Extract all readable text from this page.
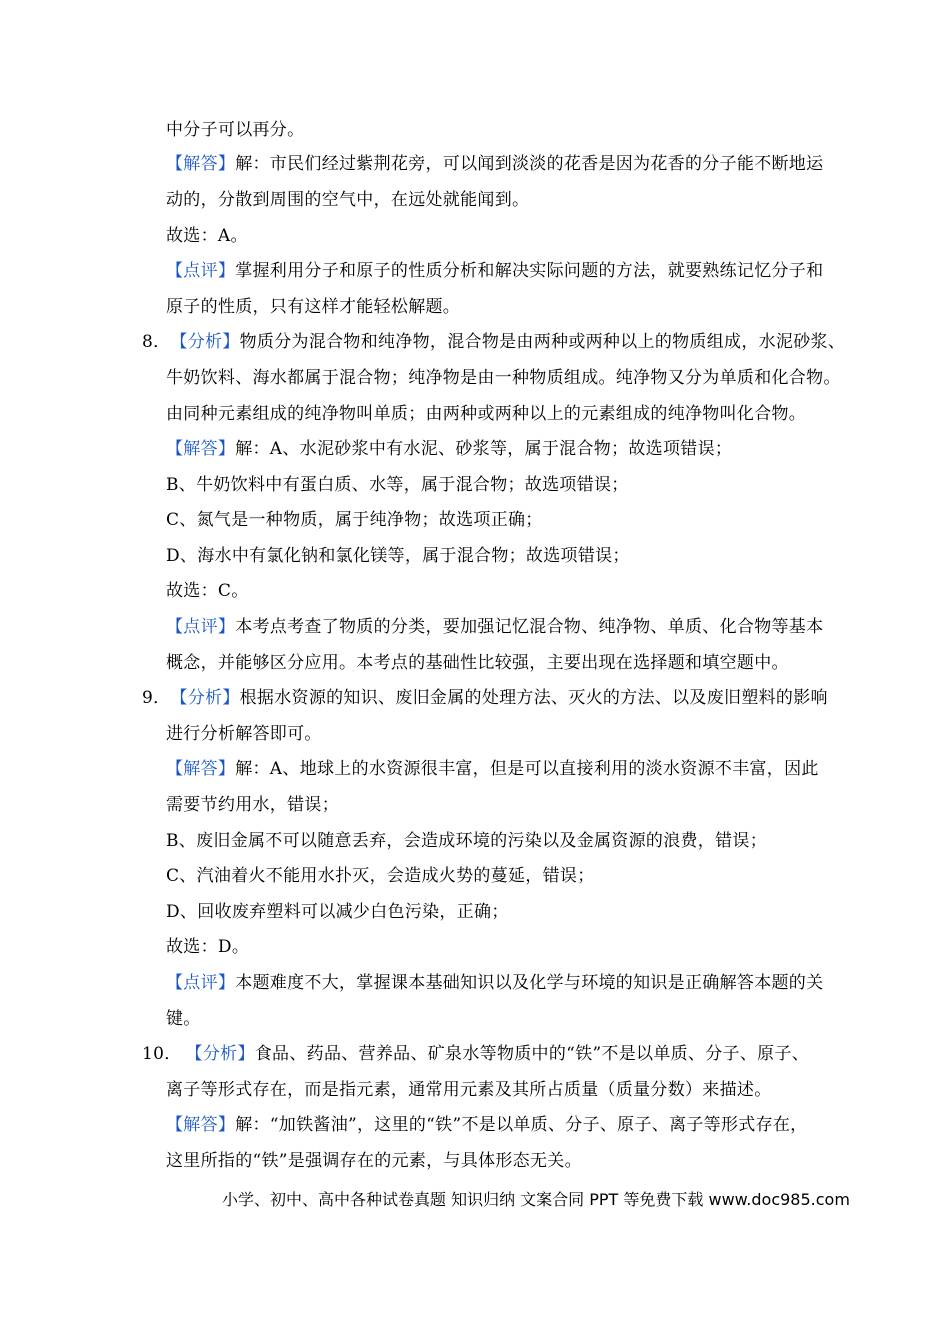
中分子可以再分。
【解答】解：市民们经过紫荆花旁，可以闻到淡淡的花香是因为花香的分子能不断地运
动的，分散到周围的空气中，在远处就能闻到。
故选：A。
【点评】掌握利用分子和原子的性质分析和解决实际问题的方法，就要熟练记忆分子和
原子的性质，只有这样才能轻松解题。
8．【分析】物质分为混合物和纯净物，混合物是由两种或两种以上的物质组成，水泥砂浆、
牛奶饮料、海水都属于混合物；纯净物是由一种物质组成。纯净物又分为单质和化合物。
由同种元素组成的纯净物叫单质；由两种或两种以上的元素组成的纯净物叫化合物。
【解答】解：A、水泥砂浆中有水泥、砂浆等，属于混合物；故选项错误；
B、牛奶饮料中有蛋白质、水等，属于混合物；故选项错误；
C、氮气是一种物质，属于纯净物；故选项正确；
D、海水中有氯化钠和氯化镁等，属于混合物；故选项错误；
故选：C。
【点评】本考点考查了物质的分类，要加强记忆混合物、纯净物、单质、化合物等基本
概念，并能够区分应用。本考点的基础性比较强，主要出现在选择题和填空题中。
9．【分析】根据水资源的知识、废旧金属的处理方法、灭火的方法、以及废旧塑料的影响
进行分析解答即可。
【解答】解：A、地球上的水资源很丰富，但是可以直接利用的淡水资源不丰富，因此
需要节约用水，错误；
B、废旧金属不可以随意丢弃，会造成环境的污染以及金属资源的浪费，错误；
C、汽油着火不能用水扑灭，会造成火势的蔓延，错误；
D、回收废弃塑料可以减少白色污染，正确；
故选：D。
【点评】本题难度不大，掌握课本基础知识以及化学与环境的知识是正确解答本题的关
键。
10． 【分析】食品、药品、营养品、矿泉水等物质中的“铁”不是以单质、分子、原子、
离子等形式存在，而是指元素，通常用元素及其所占质量（质量分数）来描述。
【解答】解：“加铁酱油”，这里的“铁”不是以单质、分子、原子、离子等形式存在，
这里所指的“铁”是强调存在的元素，与具体形态无关。
小学、初中、高中各种试卷真题 知识归纳 文案合同 PPT 等免费下载 www.doc985.com
